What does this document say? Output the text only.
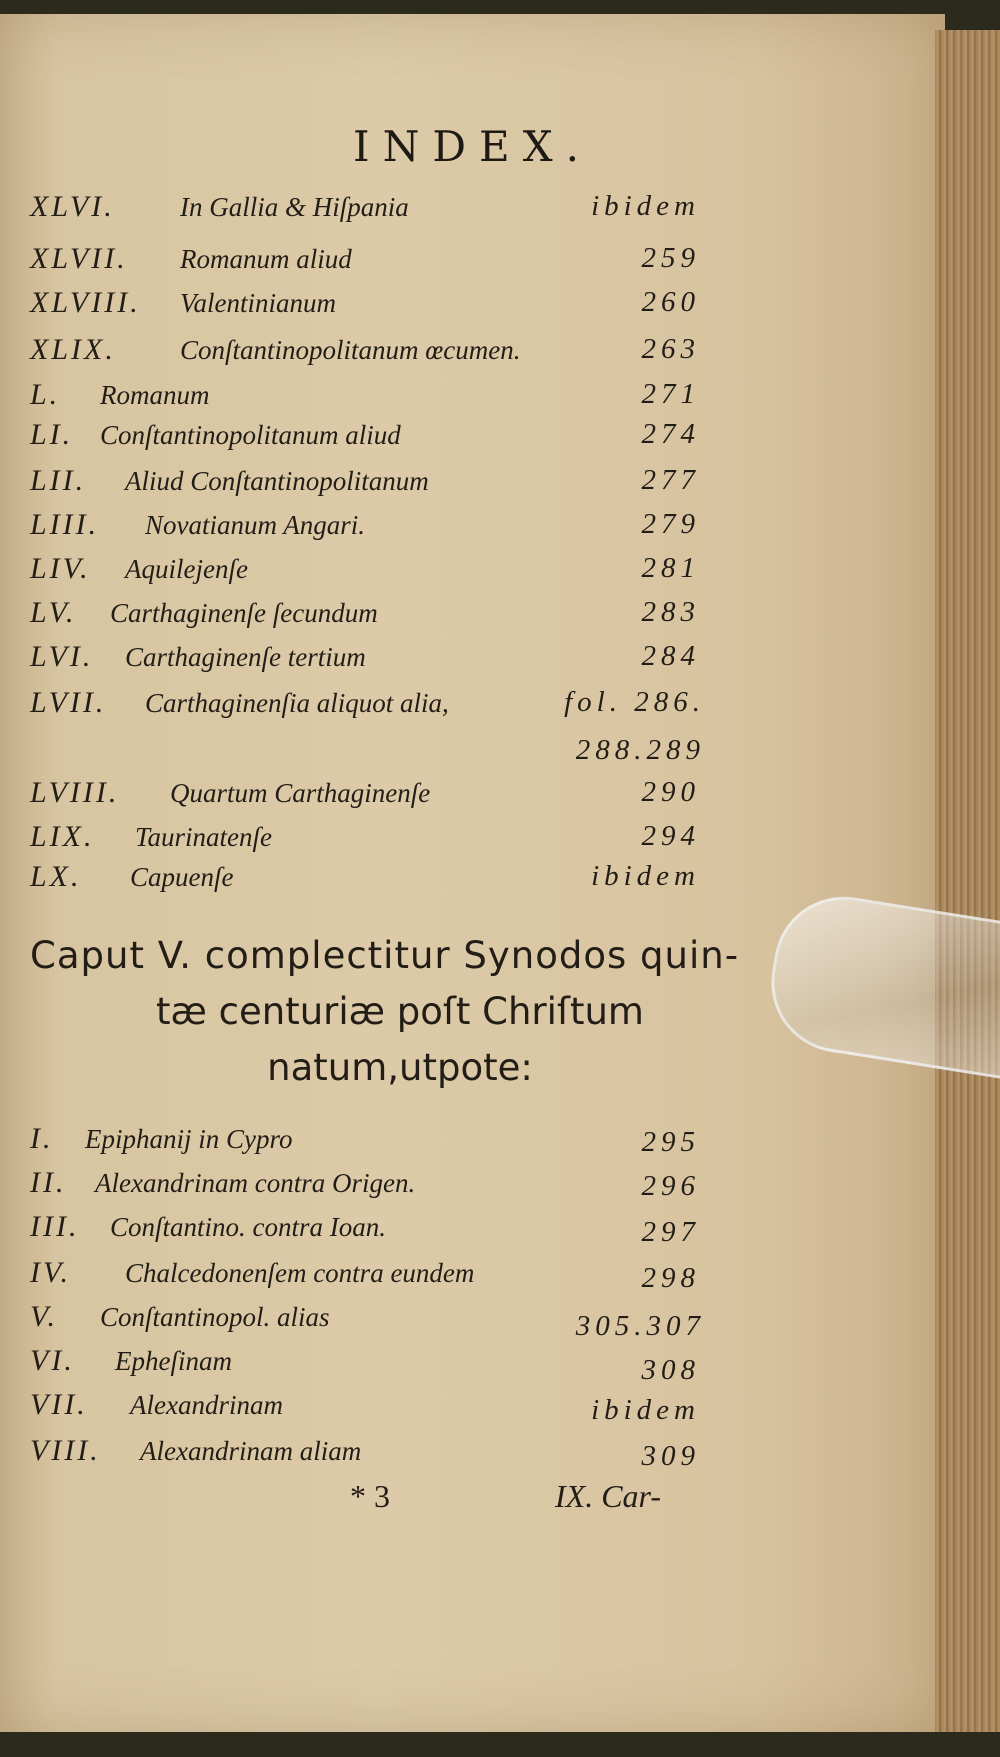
INDEX.
XLVI. In Gallia & Hiſpania	ibidem
XLVII. Romanum aliud	259
XLVIII. Valentinianum	260
XLIX. Conſtantinopolitanum œcumen.	263
L. Romanum	271
LI. Conſtantinopolitanum aliud	274
LII. Aliud Conſtantinopolitanum	277
LIII. Novatianum Angari.	279
LIV. Aquilejenſe	281
LV. Carthaginenſe ſecundum	283
LVI. Carthaginenſe tertium	284
LVII. Carthaginenſia aliquot alia,	fol. 286.
288.289
LVIII. Quartum Carthaginenſe	290
LIX. Taurinatenſe	294
LX. Capuenſe	ibidem
Caput V. complectitur Synodos quin-
tæ centuriæ poſt Chriſtum
natum,utpote:
I. Epiphanij in Cypro	295
II. Alexandrinam contra Origen.	296
III. Conſtantino. contra Ioan.	297
IV. Chalcedonenſem contra eundem	298
V. Conſtantinopol. alias	305.307
VI. Epheſinam	308
VII. Alexandrinam	ibidem
VIII. Alexandrinam aliam	309
* 3	IX. Car-
